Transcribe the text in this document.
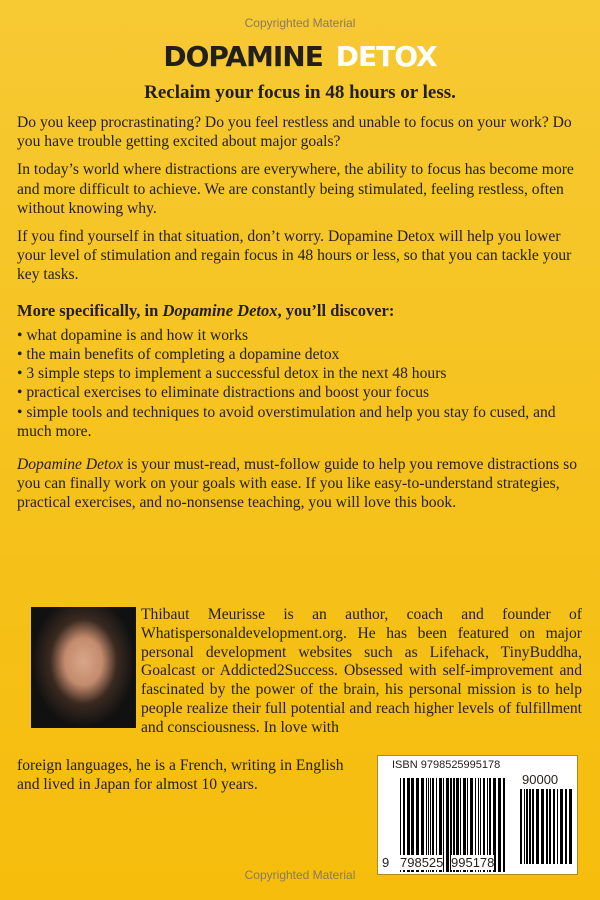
Copyrighted Material
dopamine detox
Reclaim your focus in 48 hours or less.

Do you keep procrastinating? Do you feel restless and unable to focus on your work? Do you have trouble getting excited about major goals?

In today’s world where distractions are everywhere, the ability to focus has become more and more difficult to achieve. We are constantly being stimulated, feeling restless, often without knowing why.

If you find yourself in that situation, don’t worry. Dopamine Detox will help you lower your level of stimulation and regain focus in 48 hours or less, so that you can tackle your key tasks.

More specifically, in Dopamine Detox, you’ll discover:

• what dopamine is and how it works
• the main benefits of completing a dopamine detox
• 3 simple steps to implement a successful detox in the next 48 hours
• practical exercises to eliminate distractions and boost your focus
• simple tools and techniques to avoid overstimulation and help you stay fo cused, and much more.

Dopamine Detox is your must-read, must-follow guide to help you remove distractions so you can finally work on your goals with ease. If you like easy-to-understand strategies, practical exercises, and no-nonsense teaching, you will love this book.

Thibaut Meurisse is an author, coach and founder of Whatispersonaldevelopment.org. He has been featured on major personal development websites such as Lifehack, TinyBuddha, Goalcast or Addicted2Success. Obsessed with self-improvement and fascinated by the power of the brain, his personal mission is to help people realize their full potential and reach higher levels of fulfillment and consciousness. In love with
foreign languages, he is a French, writing in English and lived in Japan for almost 10 years.
ISBN 9798525995178
90000
9 798525 995178
Copyrighted Material
